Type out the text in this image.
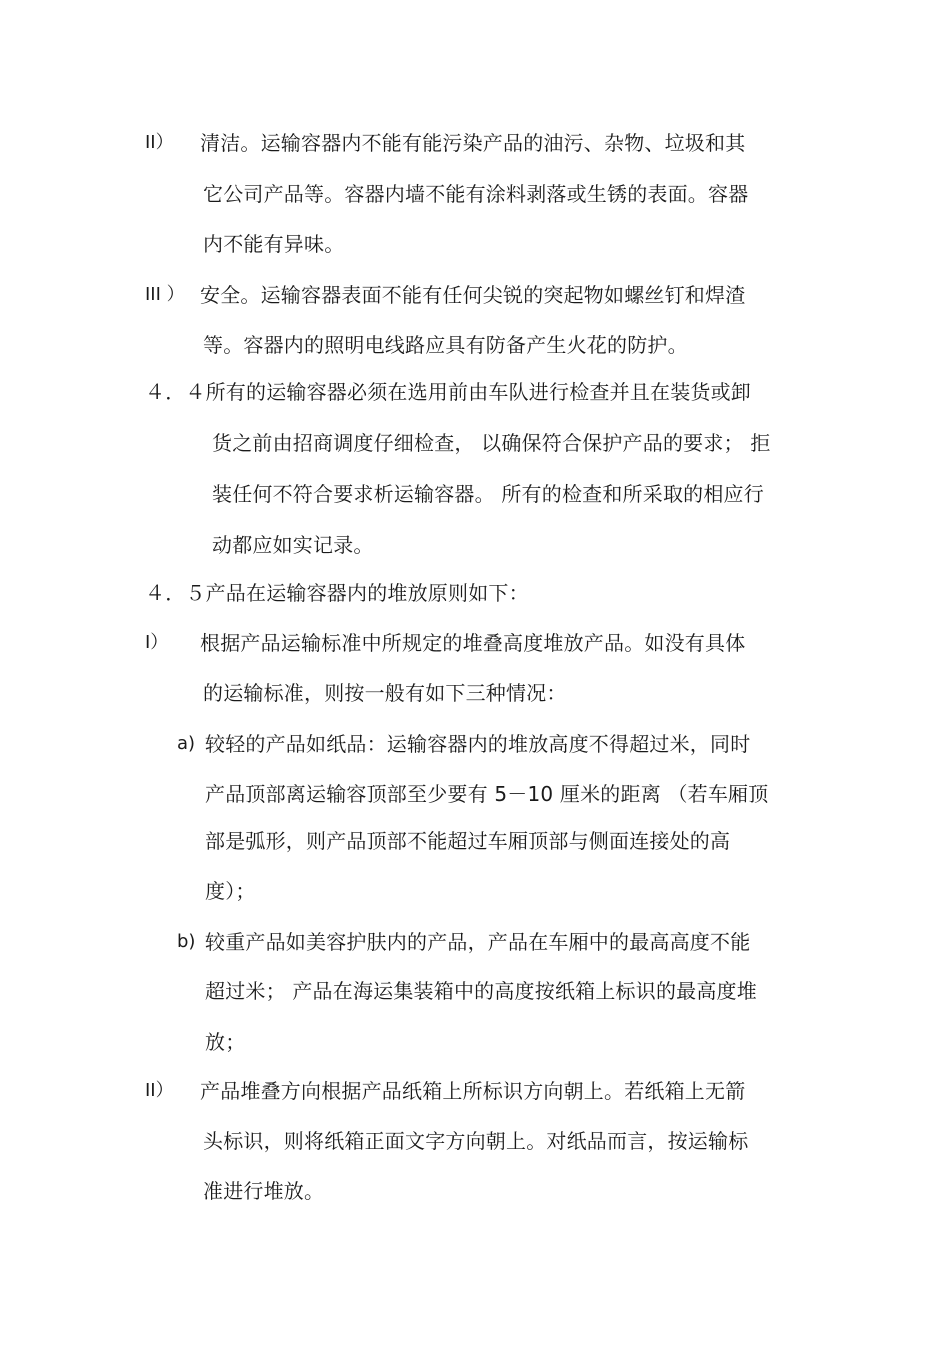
II） 清洁。运输容器内不能有能污染产品的油污、杂物、垃圾和其
它公司产品等。容器内墙不能有涂料剥落或生锈的表面。容器
内不能有异味。
III ） 安全。运输容器表面不能有任何尖锐的突起物如螺丝钉和焊渣
等。容器内的照明电线路应具有防备产生火花的防护。
４．４所有的运输容器必须在选用前由车队进行检查并且在装货或卸
货之前由招商调度仔细检查， 以确保符合保护产品的要求； 拒
装任何不符合要求析运输容器。 所有的检查和所采取的相应行
动都应如实记录。
４．５产品在运输容器内的堆放原则如下：
I） 根据产品运输标准中所规定的堆叠高度堆放产品。如没有具体
的运输标准，则按一般有如下三种情况：
a) 较轻的产品如纸品：运输容器内的堆放高度不得超过米，同时
产品顶部离运输容顶部至少要有 5－10 厘米的距离 （若车厢顶
部是弧形，则产品顶部不能超过车厢顶部与侧面连接处的高
度）；
b) 较重产品如美容护肤内的产品，产品在车厢中的最高高度不能
超过米； 产品在海运集装箱中的高度按纸箱上标识的最高度堆
放；
II） 产品堆叠方向根据产品纸箱上所标识方向朝上。若纸箱上无箭
头标识，则将纸箱正面文字方向朝上。对纸品而言，按运输标
准进行堆放。
